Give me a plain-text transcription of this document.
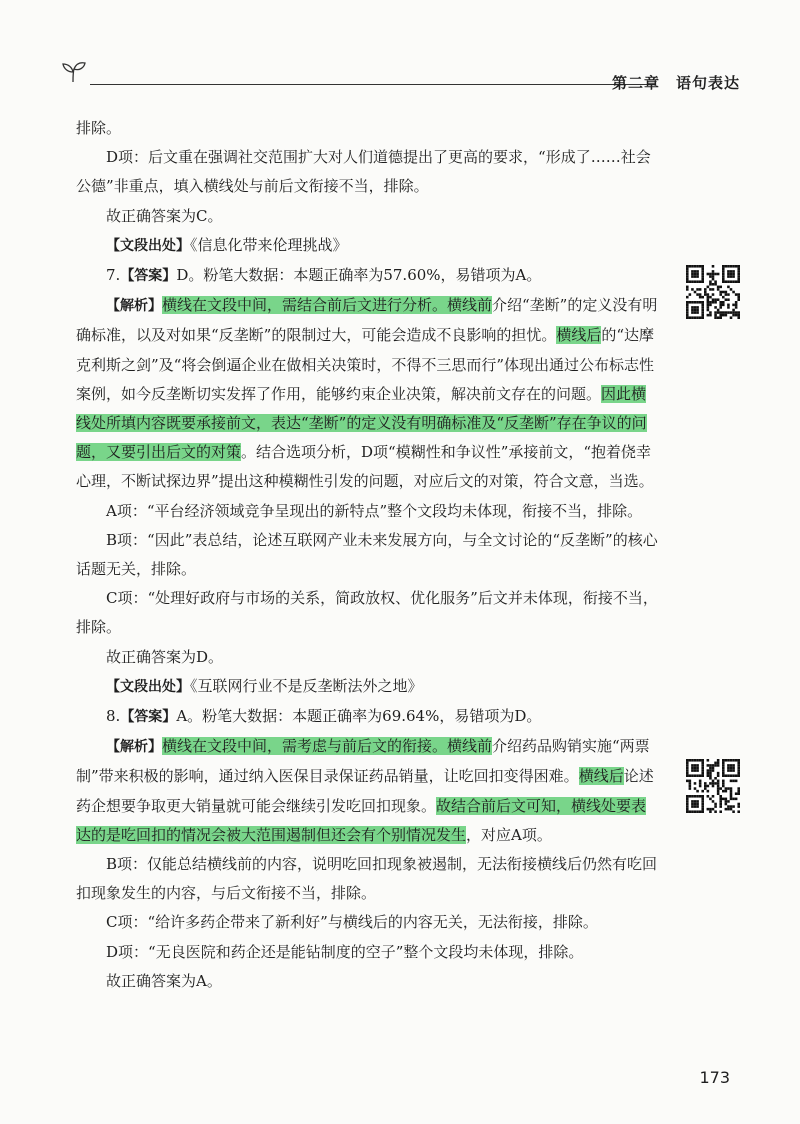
第二章　语句表达

排除。

D项：后文重在强调社交范围扩大对人们道德提出了更高的要求，“形成了……社会公德”非重点，填入横线处与前后文衔接不当，排除。

故正确答案为C。

【文段出处】《信息化带来伦理挑战》

7.【答案】D。粉笔大数据：本题正确率为57.60%，易错项为A。

【解析】横线在文段中间，需结合前后文进行分析。横线前介绍“垄断”的定义没有明确标准，以及对如果“反垄断”的限制过大，可能会造成不良影响的担忧。横线后的“达摩克利斯之剑”及“将会倒逼企业在做相关决策时，不得不三思而行”体现出通过公布标志性案例，如今反垄断切实发挥了作用，能够约束企业决策，解决前文存在的问题。因此横线处所填内容既要承接前文，表达“垄断”的定义没有明确标准及“反垄断”存在争议的问题，又要引出后文的对策。结合选项分析，D项“模糊性和争议性”承接前文，“抱着侥幸心理，不断试探边界”提出这种模糊性引发的问题，对应后文的对策，符合文意，当选。

A项：“平台经济领域竞争呈现出的新特点”整个文段均未体现，衔接不当，排除。

B项：“因此”表总结，论述互联网产业未来发展方向，与全文讨论的“反垄断”的核心话题无关，排除。

C项：“处理好政府与市场的关系，简政放权、优化服务”后文并未体现，衔接不当，排除。

故正确答案为D。

【文段出处】《互联网行业不是反垄断法外之地》

8.【答案】A。粉笔大数据：本题正确率为69.64%，易错项为D。

【解析】横线在文段中间，需考虑与前后文的衔接。横线前介绍药品购销实施“两票制”带来积极的影响，通过纳入医保目录保证药品销量，让吃回扣变得困难。横线后论述药企想要争取更大销量就可能会继续引发吃回扣现象。故结合前后文可知，横线处要表达的是吃回扣的情况会被大范围遏制但还会有个别情况发生，对应A项。

B项：仅能总结横线前的内容，说明吃回扣现象被遏制，无法衔接横线后仍然有吃回扣现象发生的内容，与后文衔接不当，排除。

C项：“给许多药企带来了新利好”与横线后的内容无关，无法衔接，排除。

D项：“无良医院和药企还是能钻制度的空子”整个文段均未体现，排除。

故正确答案为A。

173
